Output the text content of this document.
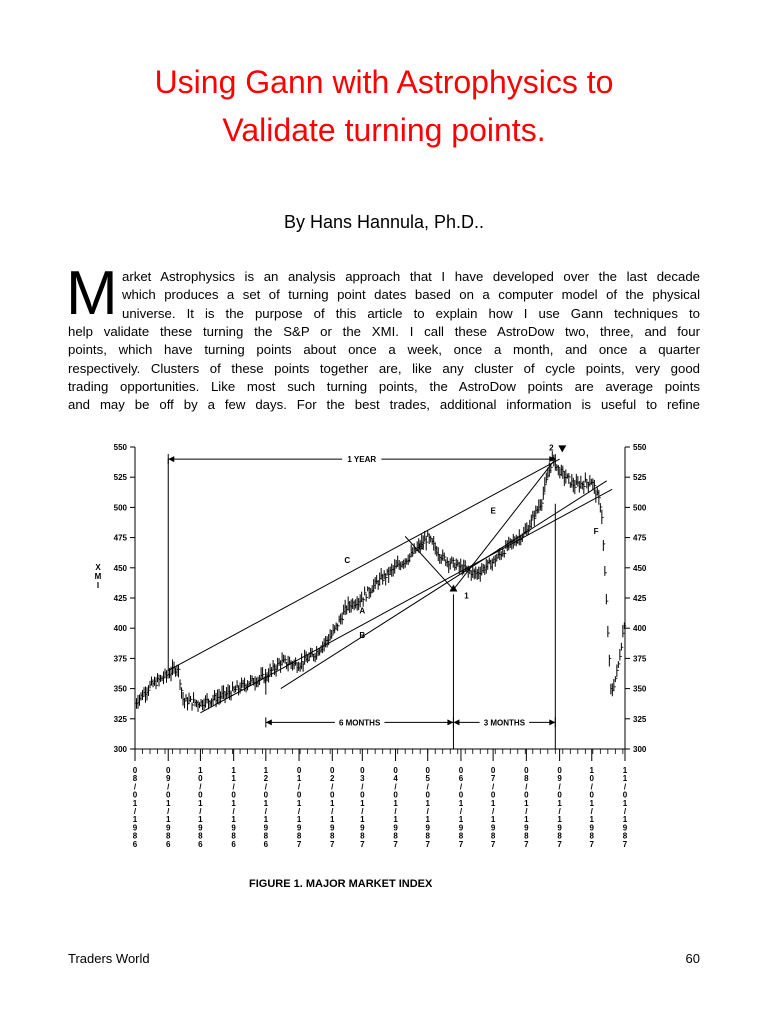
Using Gann with Astrophysics to
Validate turning points.
By Hans Hannula, Ph.D..
M arket Astrophysics is an analysis approach that I have developed over the last decade
which produces a set of turning point dates based on a computer model of the physical
universe. It is the purpose of this article to explain how I use Gann techniques to
help validate these turning the S&P or the XMI. I call these AstroDow two, three, and four
points, which have turning points about once a week, once a month, and once a quarter
respectively. Clusters of these points together are, like any cluster of cycle points, very good
trading opportunities. Like most such turning points, the AstroDow points are average points
and may be off by a few days. For the best trades, additional information is useful to refine
300	300
325	325
350	350
375	375
400	400
425	425
450	450
475	475
500	500
525	525
550	550
0 8 / 0 1 / 1 9 8 6
0 9 / 0 1 / 1 9 8 6
1 0 / 0 1 / 1 9 8 6
1 1 / 0 1 / 1 9 8 6
1 2 / 0 1 / 1 9 8 6
0 1 / 0 1 / 1 9 8 7
0 2 / 0 1 / 1 9 8 7
0 3 / 0 1 / 1 9 8 7
0 4 / 0 1 / 1 9 8 7
0 5 / 0 1 / 1 9 8 7
0 6 / 0 1 / 1 9 8 7
0 7 / 0 1 / 1 9 8 7
0 8 / 0 1 / 1 9 8 7
0 9 / 0 1 / 1 9 8 7
1 0 / 0 1 / 1 9 8 7
1 1 / 0 1 / 1 9 8 7
X M I
1 YEAR
6 MONTHS	3 MONTHS
A
B
C
D
E
F
1
2
FIGURE 1. MAJOR MARKET INDEX
Traders World	60
